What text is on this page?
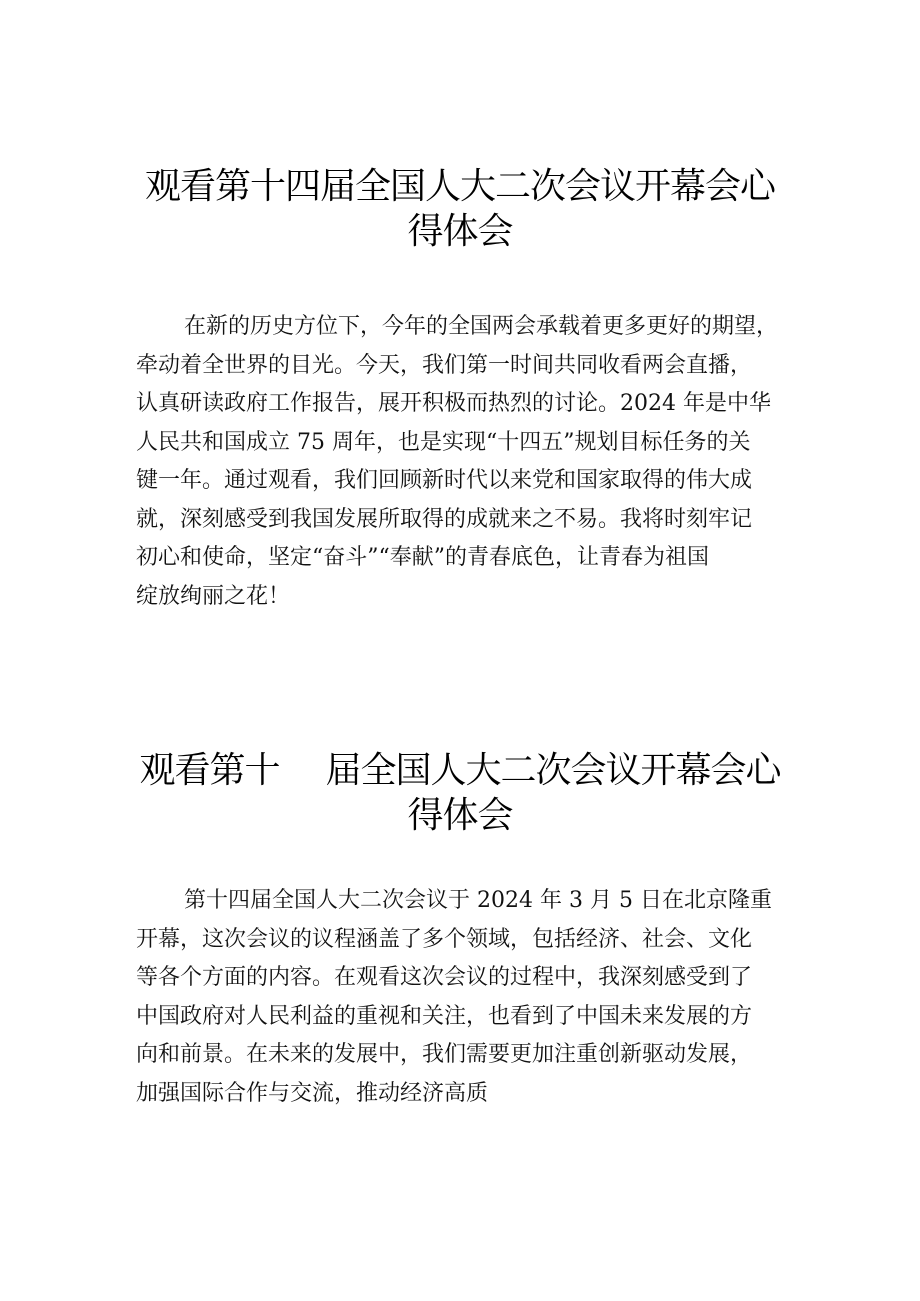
观看第十四届全国人大二次会议开幕会心
得体会
在新的历史方位下，今年的全国两会承载着更多更好的期望，
牵动着全世界的目光。今天，我们第一时间共同收看两会直播，
认真研读政府工作报告，展开积极而热烈的讨论。2024 年是中华
人民共和国成立 75 周年，也是实现“十四五”规划目标任务的关
键一年。通过观看，我们回顾新时代以来党和国家取得的伟大成
就，深刻感受到我国发展所取得的成就来之不易。我将时刻牢记
初心和使命，坚定“奋斗”“奉献”的青春底色，让青春为祖国
绽放绚丽之花！
观看第十 届全国人大二次会议开幕会心
得体会
第十四届全国人大二次会议于 2024 年 3 月 5 日在北京隆重
开幕，这次会议的议程涵盖了多个领域，包括经济、社会、文化
等各个方面的内容。在观看这次会议的过程中，我深刻感受到了
中国政府对人民利益的重视和关注，也看到了中国未来发展的方
向和前景。在未来的发展中，我们需要更加注重创新驱动发展，
加强国际合作与交流，推动经济高质
